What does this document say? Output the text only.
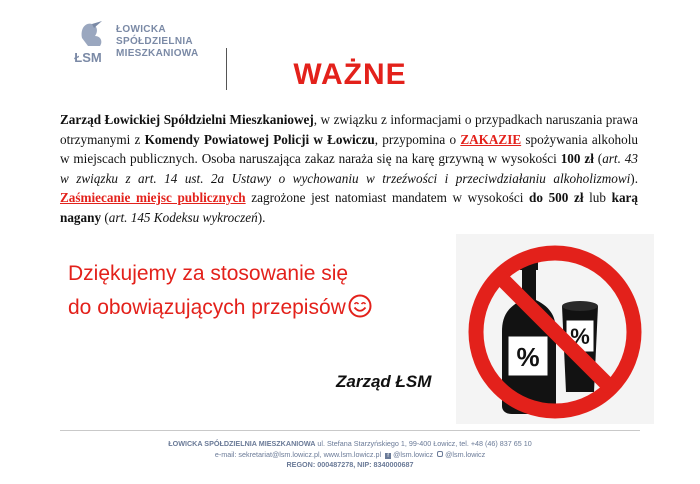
ŁSM
ŁOWICKA
SPÓŁDZIELNIA
MIESZKANIOWA
WAŻNE
Zarząd Łowickiej Spółdzielni Mieszkaniowej, w związku z informacjami o przypadkach naruszania prawa otrzymanymi z Komendy Powiatowej Policji w Łowiczu, przypomina o ZAKAZIE spożywania alkoholu w miejscach publicznych. Osoba naruszająca zakaz naraża się na karę grzywną w wysokości 100 zł (art. 43 w związku z art. 14 ust. 2a Ustawy o wychowaniu w trzeźwości i przeciwdziałaniu alkoholizmowi). Zaśmiecanie miejsc publicznych zagrożone jest natomiast mandatem w wysokości do 500 zł lub karą nagany (art. 145 Kodeksu wykroczeń).
Dziękujemy za stosowanie się
do obowiązujących przepisów
Zarząd ŁSM
%
%
ŁOWICKA SPÓŁDZIELNIA MIESZKANIOWA ul. Stefana Starzyńskiego 1, 99-400 Łowicz, tel. +48 (46) 837 65 10
e-mail: sekretariat@lsm.lowicz.pl, www.lsm.lowicz.pl f @lsm.lowicz @lsm.lowicz
REGON: 000487278, NIP: 8340000687
